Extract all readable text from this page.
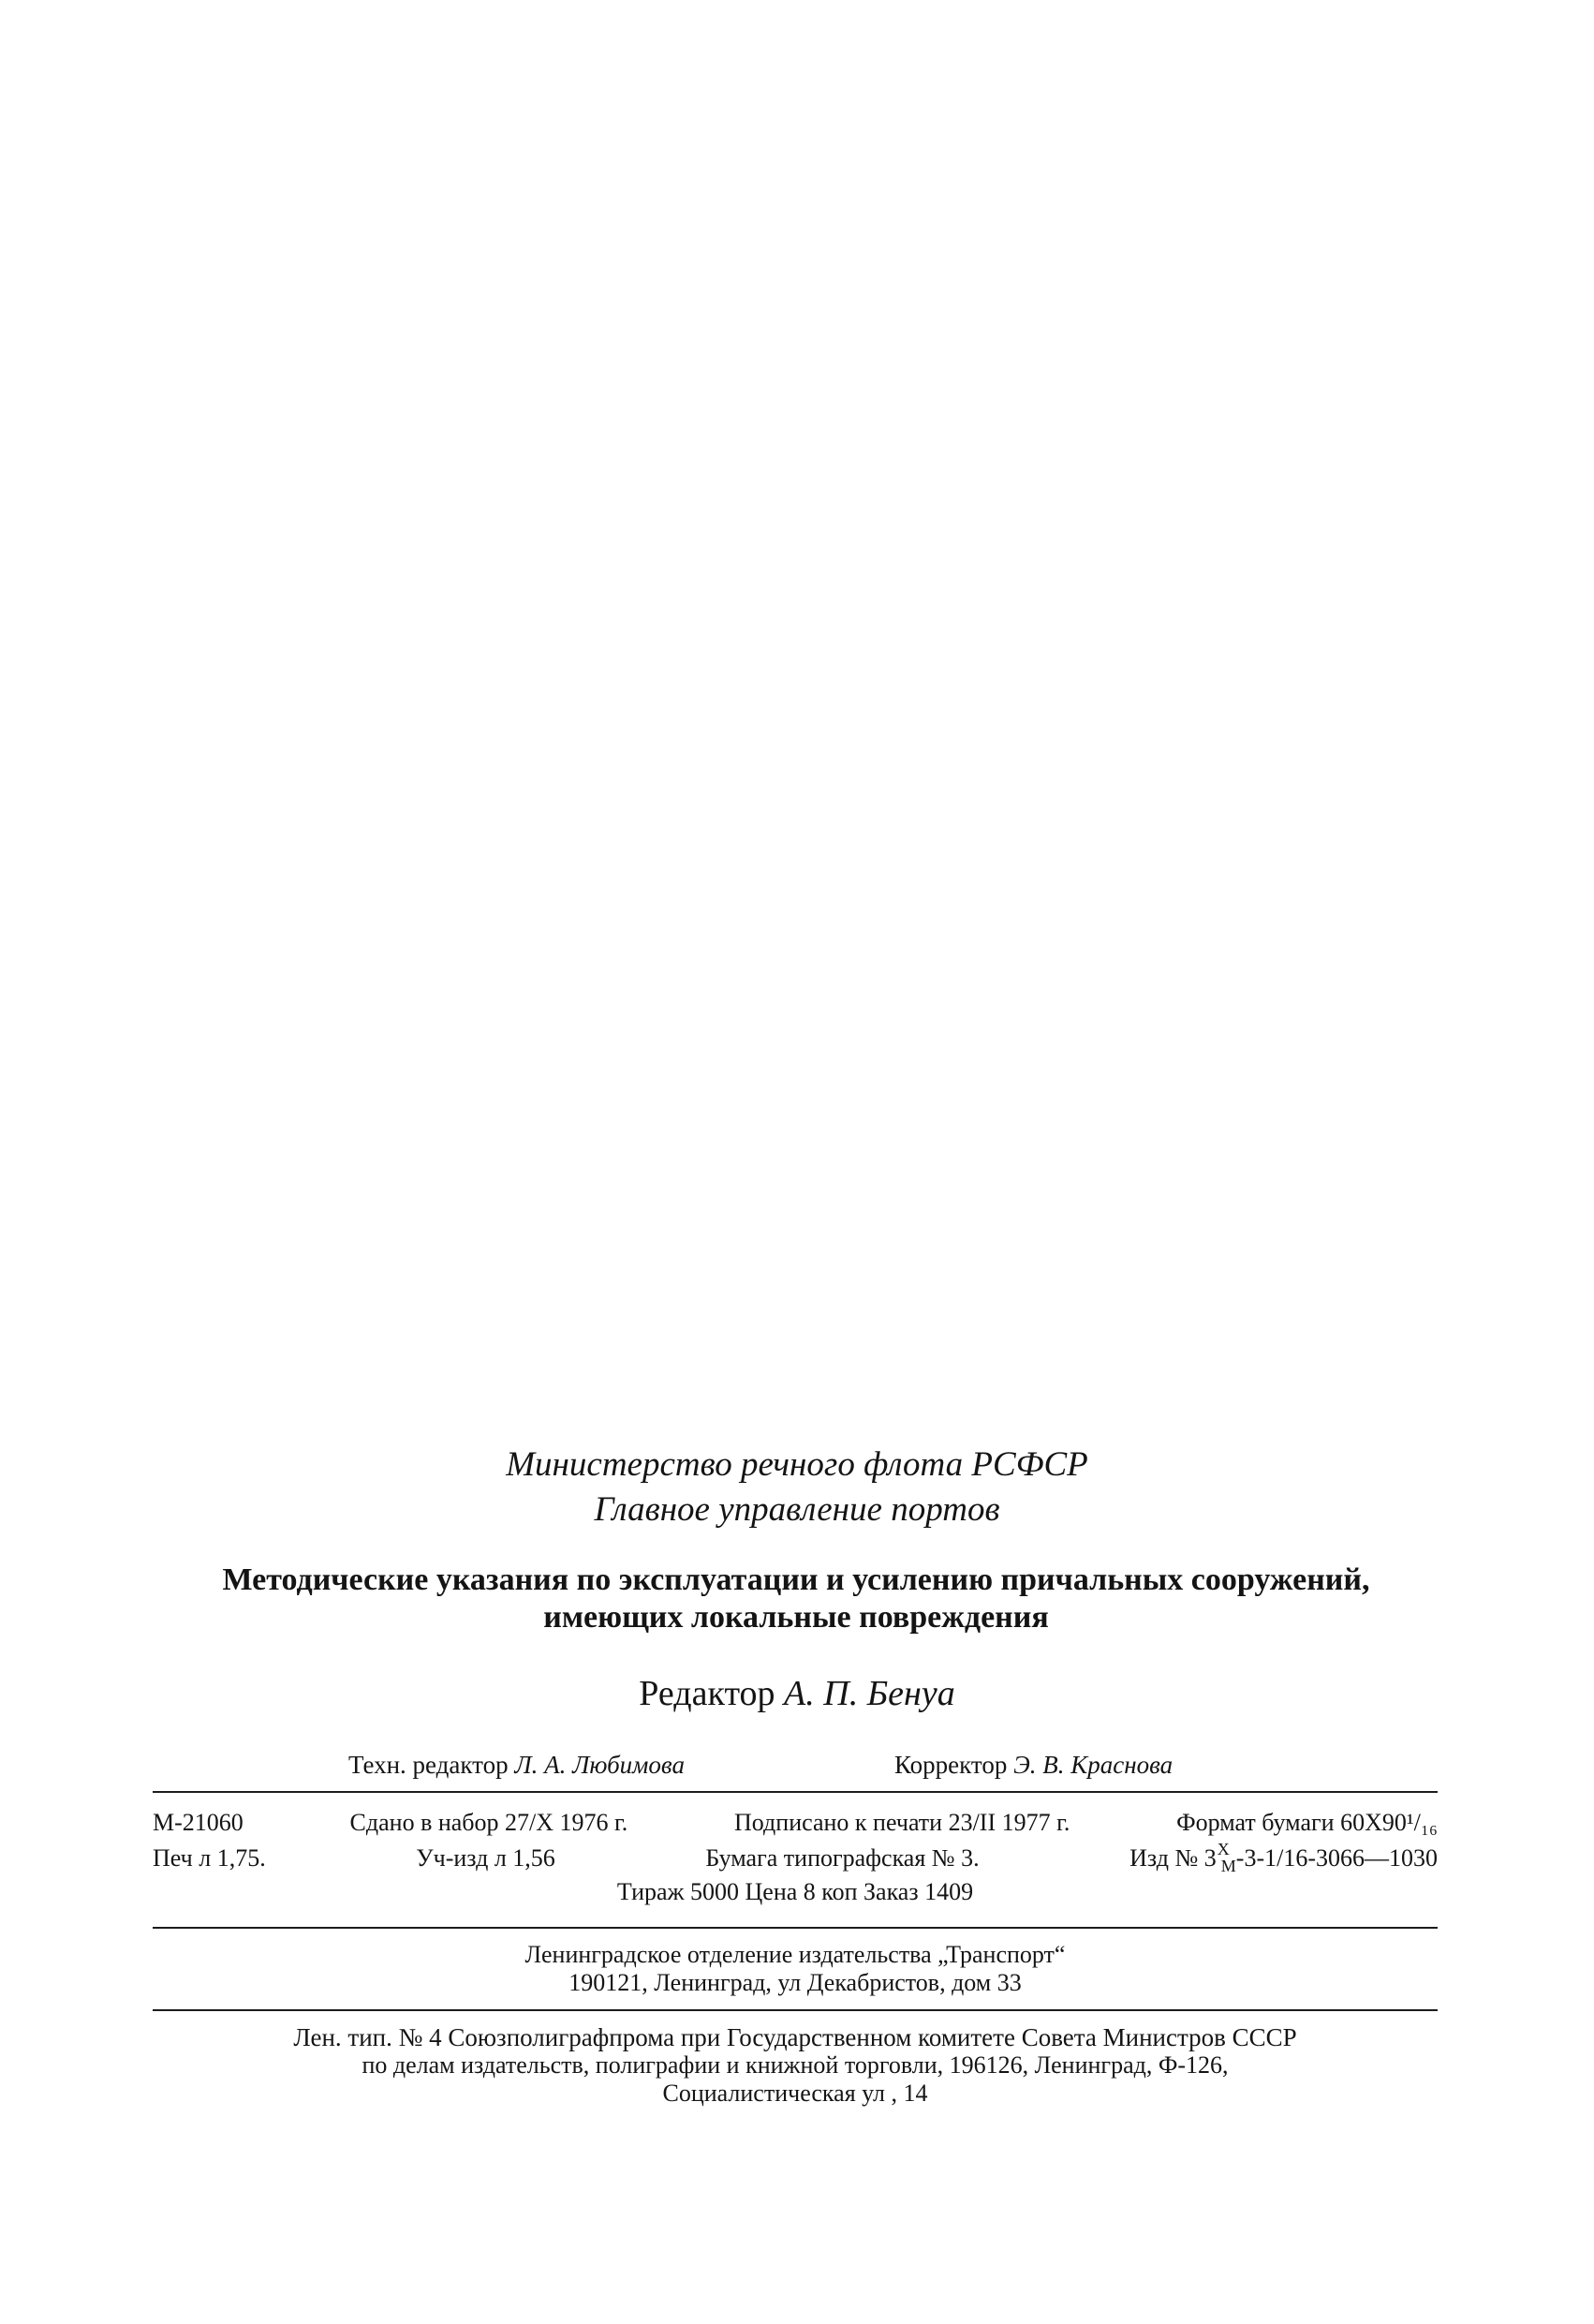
Министерство речного флота РСФСР
Главное управление портов
Методические указания по эксплуатации и усилению причальных сооружений,
имеющих локальные повреждения
Редактор А. П. Бенуа
Техн. редактор Л. А. Любимова	Корректор Э. В. Краснова
М-21060	Сдано в набор 27/X 1976 г.	Подписано к печати 23/II 1977 г.	Формат бумаги 60X90¹/₁₆
Печ л 1,75.	Уч-изд л 1,56	Бумага типографская № 3.	Изд № 3XМ-3-1/16-3066—1030
Тираж 5000 Цена 8 коп Заказ 1409
Ленинградское отделение издательства „Транспорт“
190121, Ленинград, ул Декабристов, дом 33
Лен. тип. № 4 Союзполиграфпрома при Государственном комитете Совета Министров СССР
по делам издательств, полиграфии и книжной торговли, 196126, Ленинград, Ф-126,
Социалистическая ул , 14
